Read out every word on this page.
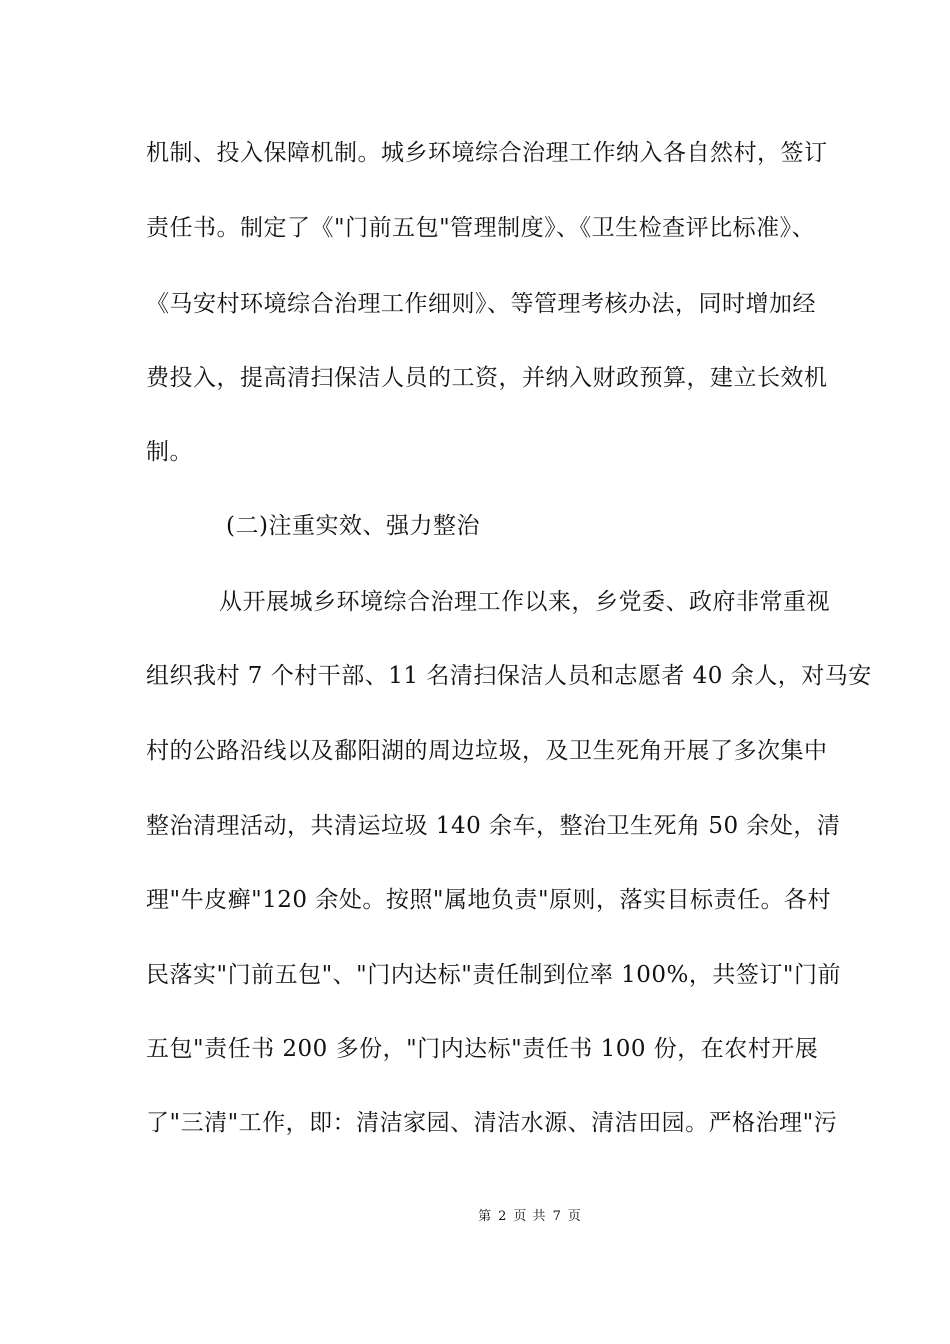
机制、投入保障机制。城乡环境综合治理工作纳入各自然村，签订
责任书。制定了《"门前五包"管理制度》、《卫生检查评比标准》、
《马安村环境综合治理工作细则》、等管理考核办法，同时增加经
费投入，提高清扫保洁人员的工资，并纳入财政预算，建立长效机
制。
(二)注重实效、强力整治
从开展城乡环境综合治理工作以来，乡党委、政府非常重视
组织我村 7 个村干部、11 名清扫保洁人员和志愿者 40 余人，对马安
村的公路沿线以及鄱阳湖的周边垃圾，及卫生死角开展了多次集中
整治清理活动，共清运垃圾 140 余车，整治卫生死角 50 余处，清
理"牛皮癣"120 余处。按照"属地负责"原则，落实目标责任。各村
民落实"门前五包"、"门内达标"责任制到位率 100%，共签订"门前
五包"责任书 200 多份，"门内达标"责任书 100 份，在农村开展
了"三清"工作，即：清洁家园、清洁水源、清洁田园。严格治理"污
第 2 页 共 7 页
